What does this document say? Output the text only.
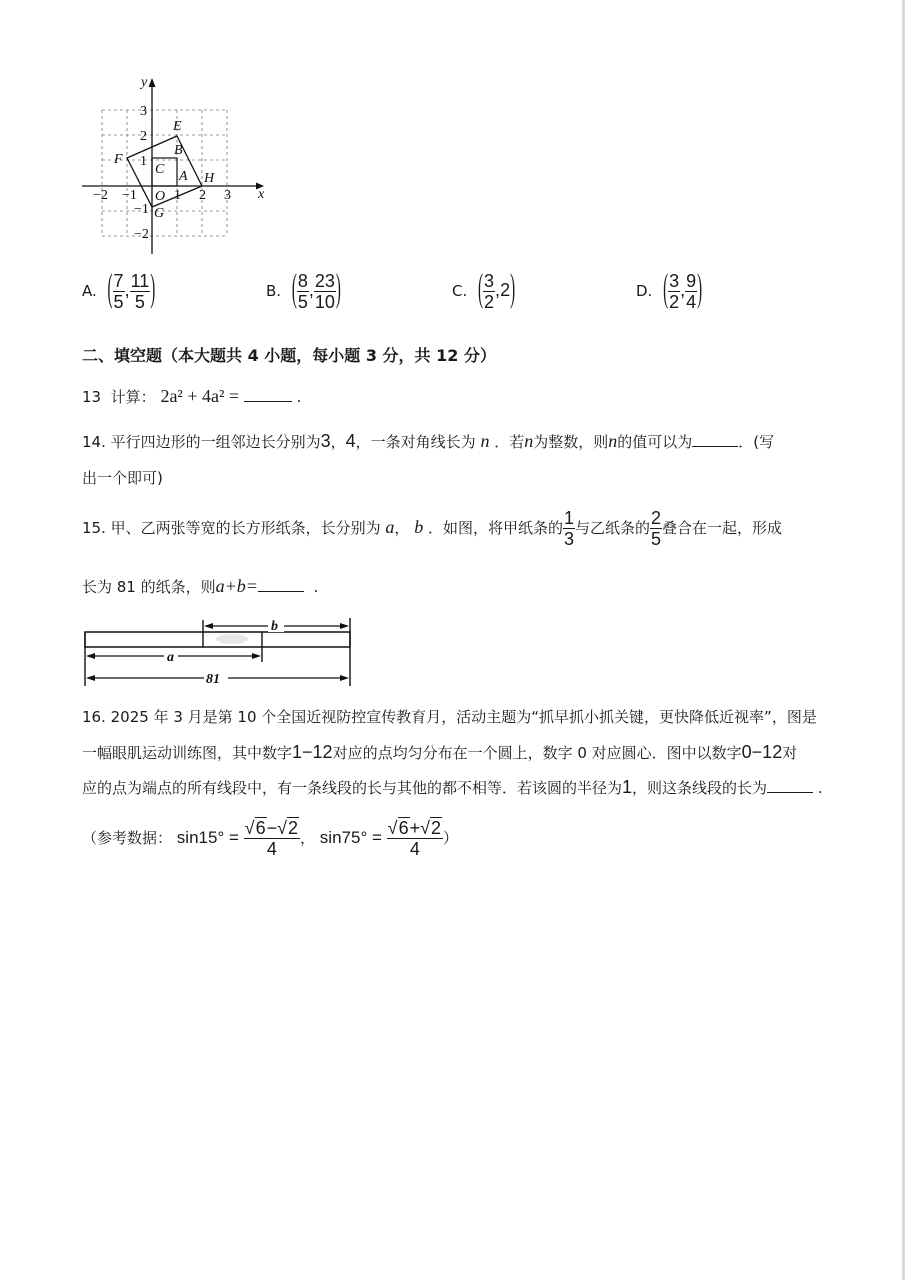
x
y
−2 −1	1 2 3
3
2
1
−1
−2
O
E
F
B
C A H
G
A. ( $\frac{7}{5}$ , $\frac{11}{5}$ )	B. ( $\frac{8}{5}$ , $\frac{23}{10}$ )	C. ( $\frac{3}{2} ,2$)	D. ( $\frac{3}{2}$ , $\frac{9}{4}$ )
二、填空题（本大题共 4 小题，每小题 3 分，共 12 分）
13 计算： 2a² + 4a² =	.
14. 平行四边形的一组邻边长分别为3，4，一条对角线长为 n ．若n为整数，则n的值可以为	．(写
出一个即可)
15. 甲、乙两张等宽的长方形纸条，长分别为 a， b ．如图，将甲纸条的 $\frac{1}{3}$ 与乙纸条的 $\frac{2}{5}$ 叠合在一起，形成
长为 81 的纸条，则a+b=	.
b
a
81
16. 2025 年 3 月是第 10 个全国近视防控宣传教育月，活动主题为“抓早抓小抓关键，更快降低近视率”，图是
一幅眼肌运动训练图，其中数字1−12对应的点均匀分布在一个圆上，数字 0 对应圆心．图中以数字0−12对
应的点为端点的所有线段中，有一条线段的长与其他的都不相等．若该圆的半径为1，则这条线段的长为	.
（参考数据： $\sin 15^\circ = \frac{√6-√2}{4}$ ， $\sin 75^\circ = \frac{√6+√2}{4}$ ）
